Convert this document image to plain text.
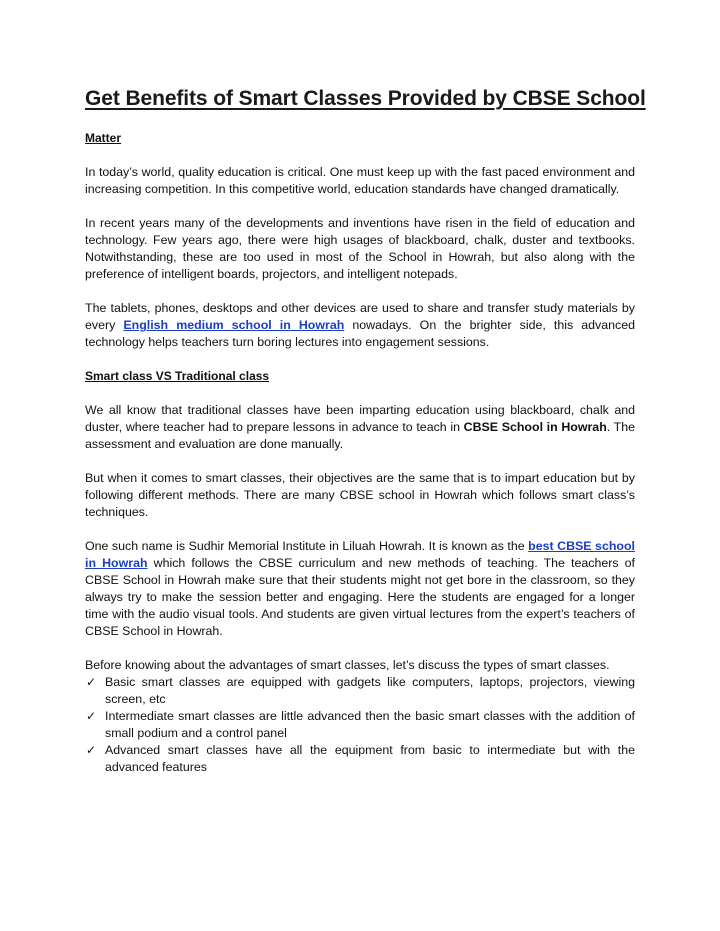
Get Benefits of Smart Classes Provided by CBSE School
Matter

In today’s world, quality education is critical. One must keep up with the fast paced environment and increasing competition. In this competitive world, education standards have changed dramatically.

In recent years many of the developments and inventions have risen in the field of education and technology. Few years ago, there were high usages of blackboard, chalk, duster and textbooks. Notwithstanding, these are too used in most of the School in Howrah, but also along with the preference of intelligent boards, projectors, and intelligent notepads.

The tablets, phones, desktops and other devices are used to share and transfer study materials by every English medium school in Howrah nowadays. On the brighter side, this advanced technology helps teachers turn boring lectures into engagement sessions.

Smart class VS Traditional class

We all know that traditional classes have been imparting education using blackboard, chalk and duster, where teacher had to prepare lessons in advance to teach in CBSE School in Howrah. The assessment and evaluation are done manually.

But when it comes to smart classes, their objectives are the same that is to impart education but by following different methods. There are many CBSE school in Howrah which follows smart class’s techniques.

One such name is Sudhir Memorial Institute in Liluah Howrah. It is known as the best CBSE school in Howrah which follows the CBSE curriculum and new methods of teaching. The teachers of CBSE School in Howrah make sure that their students might not get bore in the classroom, so they always try to make the session better and engaging. Here the students are engaged for a longer time with the audio visual tools. And students are given virtual lectures from the expert’s teachers of CBSE School in Howrah.

Before knowing about the advantages of smart classes, let’s discuss the types of smart classes.

✓ Basic smart classes are equipped with gadgets like computers, laptops, projectors, viewing screen, etc
✓ Intermediate smart classes are little advanced then the basic smart classes with the addition of small podium and a control panel
✓ Advanced smart classes have all the equipment from basic to intermediate but with the advanced features
